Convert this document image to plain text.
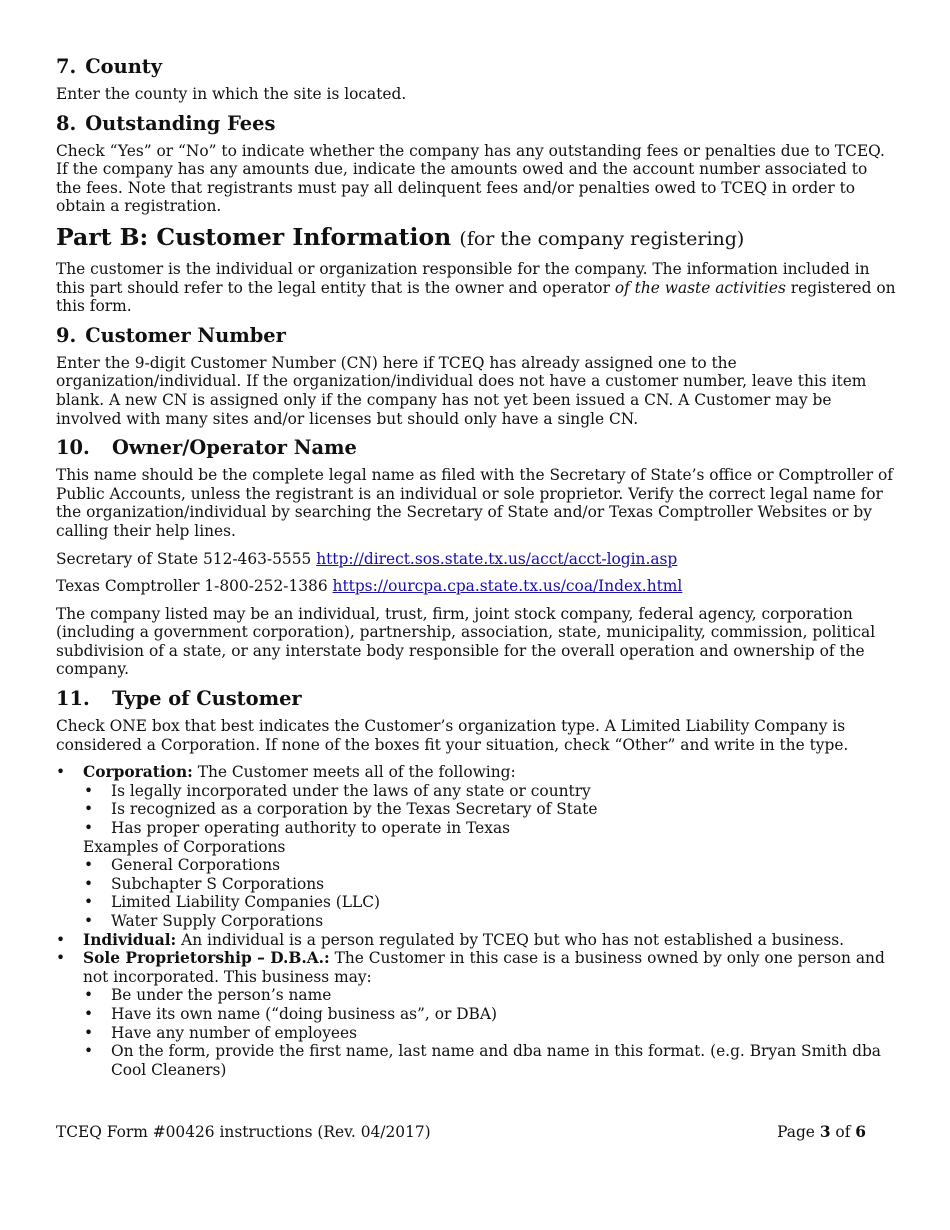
7. County

Enter the county in which the site is located.

8. Outstanding Fees

Check “Yes” or “No” to indicate whether the company has any outstanding fees or penalties due to TCEQ. If the company has any amounts due, indicate the amounts owed and the account number associated to the fees. Note that registrants must pay all delinquent fees and/or penalties owed to TCEQ in order to obtain a registration.

Part B: Customer Information (for the company registering)

The customer is the individual or organization responsible for the company. The information included in this part should refer to the legal entity that is the owner and operator of the waste activities registered on this form.

9. Customer Number

Enter the 9-digit Customer Number (CN) here if TCEQ has already assigned one to the organization/individual. If the organization/individual does not have a customer number, leave this item blank. A new CN is assigned only if the company has not yet been issued a CN. A Customer may be involved with many sites and/or licenses but should only have a single CN.

10.	Owner/Operator Name

This name should be the complete legal name as filed with the Secretary of State’s office or Comptroller of Public Accounts, unless the registrant is an individual or sole proprietor. Verify the correct legal name for the organization/individual by searching the Secretary of State and/or Texas Comptroller Websites or by calling their help lines.

Secretary of State 512-463-5555 http://direct.sos.state.tx.us/acct/acct-login.asp

Texas Comptroller 1-800-252-1386 https://ourcpa.cpa.state.tx.us/coa/Index.html

The company listed may be an individual, trust, firm, joint stock company, federal agency, corporation (including a government corporation), partnership, association, state, municipality, commission, political subdivision of a state, or any interstate body responsible for the overall operation and ownership of the company.

11.	Type of Customer

Check ONE box that best indicates the Customer’s organization type. A Limited Liability Company is considered a Corporation. If none of the boxes fit your situation, check “Other” and write in the type.

• Corporation: The Customer meets all of the following:
• Is legally incorporated under the laws of any state or country
• Is recognized as a corporation by the Texas Secretary of State
• Has proper operating authority to operate in Texas
Examples of Corporations
• General Corporations
• Subchapter S Corporations
• Limited Liability Companies (LLC)
• Water Supply Corporations
• Individual: An individual is a person regulated by TCEQ but who has not established a business.
• Sole Proprietorship – D.B.A.: The Customer in this case is a business owned by only one person and not incorporated. This business may:
• Be under the person’s name
• Have its own name (“doing business as”, or DBA)
• Have any number of employees
• On the form, provide the first name, last name and dba name in this format. (e.g. Bryan Smith dba Cool Cleaners)
TCEQ Form #00426 instructions (Rev. 04/2017)	Page 3 of 6
